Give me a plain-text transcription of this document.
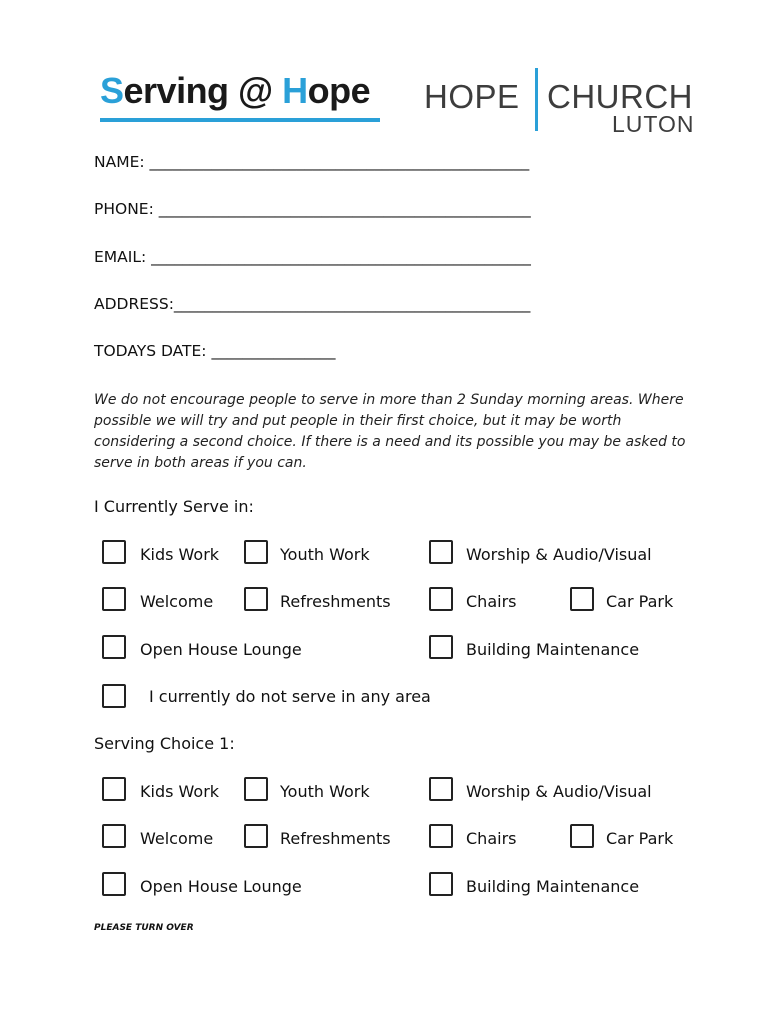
Serving @ Hope HOPE CHURCH
LUTON
NAME: _________________________________________________
PHONE: ________________________________________________
EMAIL: _________________________________________________
ADDRESS:______________________________________________
TODAYS DATE: ________________
We do not encourage people to serve in more than 2 Sunday morning areas. Where possible we will try and put people in their first choice, but it may be worth considering a second choice. If there is a need and its possible you may be asked to serve in both areas if you can.
I Currently Serve in:
Kids Work	Youth Work	Worship & Audio/Visual
Welcome	Refreshments	Chairs	Car Park
Open House Lounge	Building Maintenance
I currently do not serve in any area
Serving Choice 1:
Kids Work	Youth Work	Worship & Audio/Visual
Welcome	Refreshments	Chairs	Car Park
Open House Lounge	Building Maintenance
PLEASE TURN OVER
